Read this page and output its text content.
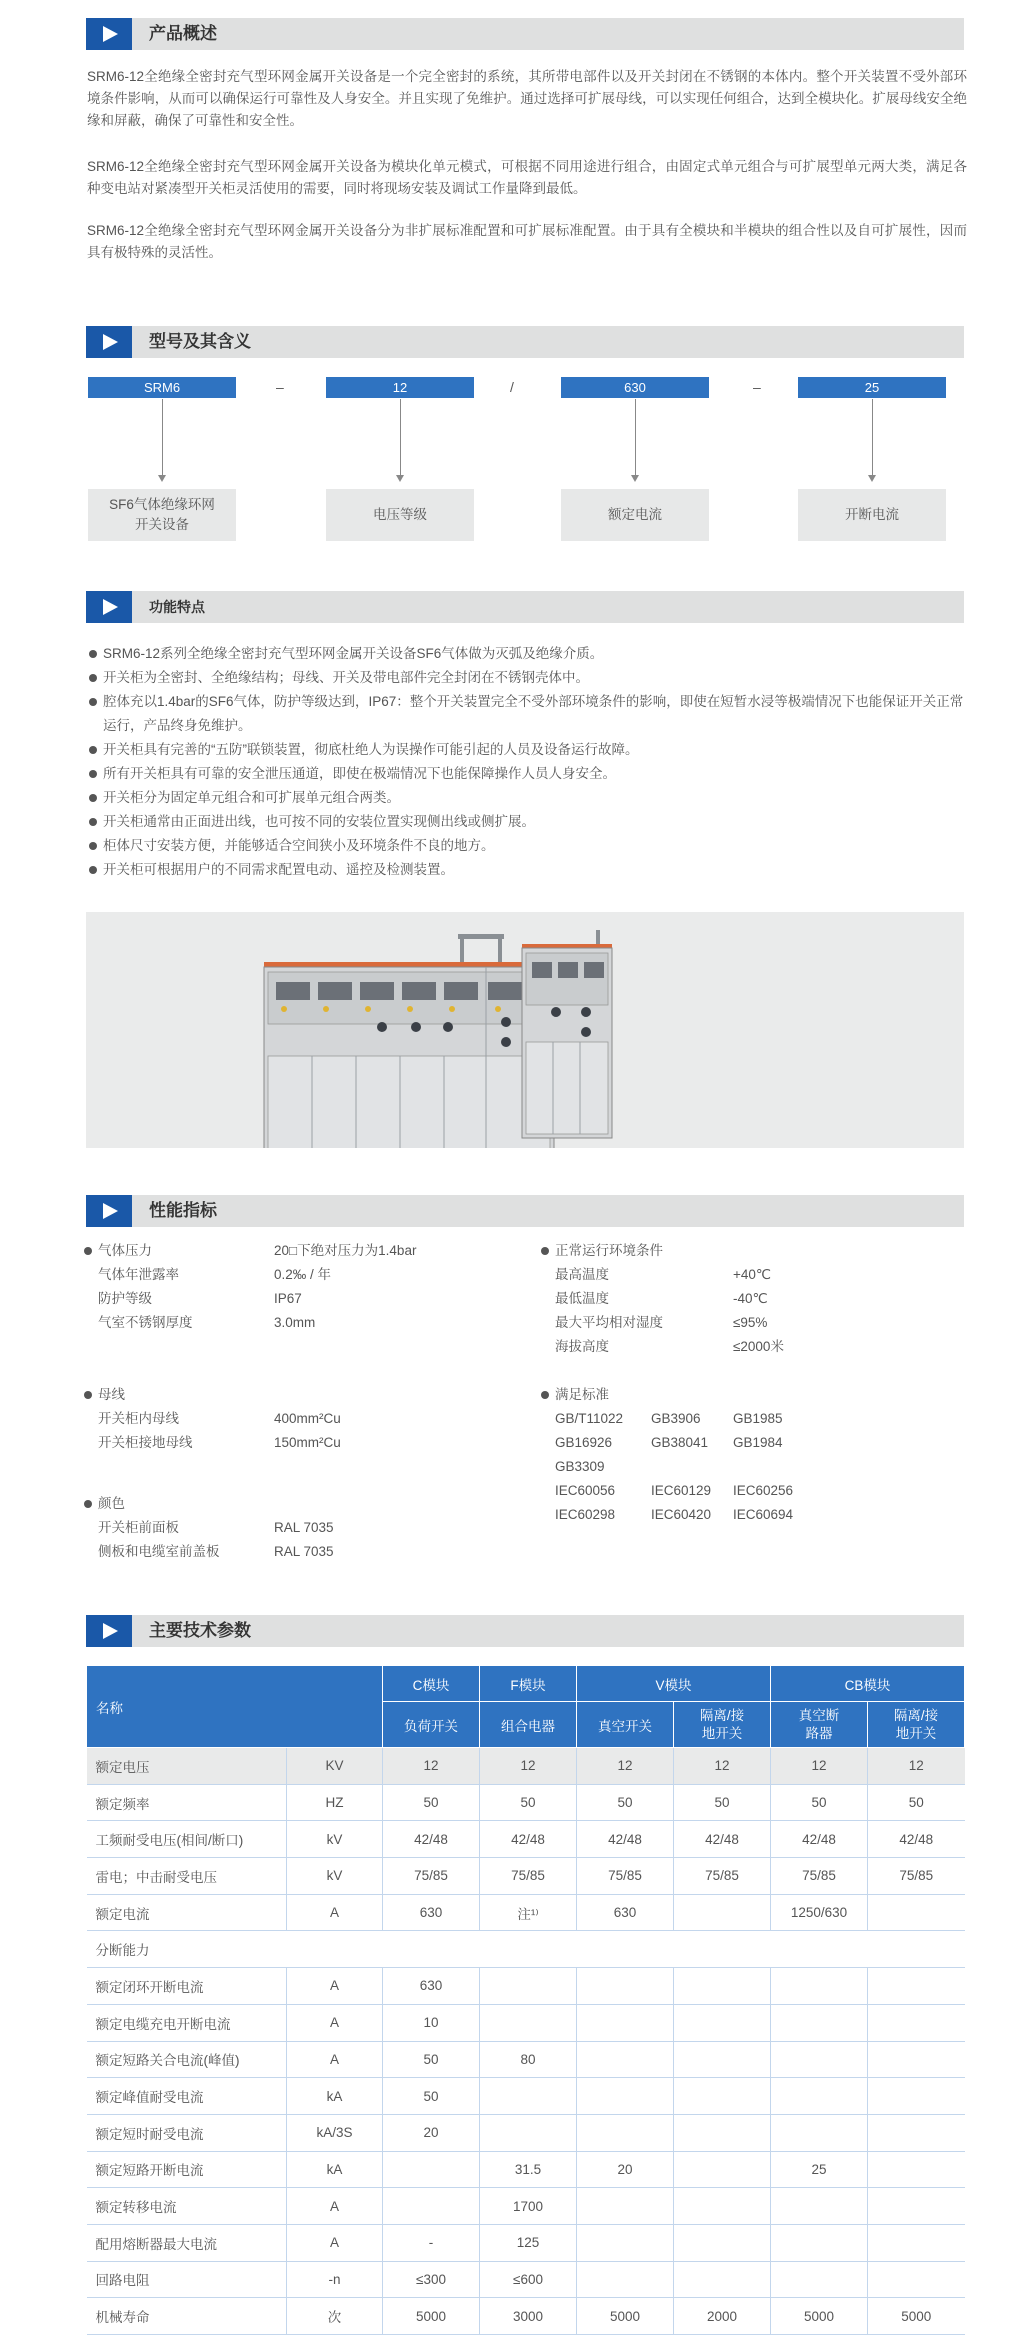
产品概述

SRM6-12全绝缘全密封充气型环网金属开关设备是一个完全密封的系统，其所带电部件以及开关封闭在不锈钢的本体内。整个开关装置不受外部环境条件影响，从而可以确保运行可靠性及人身安全。并且实现了免维护。通过选择可扩展母线，可以实现任何组合，达到全模块化。扩展母线安全绝缘和屏蔽，确保了可靠性和安全性。

SRM6-12全绝缘全密封充气型环网金属开关设备为模块化单元模式，可根据不同用途进行组合，由固定式单元组合与可扩展型单元两大类，满足各种变电站对紧凑型开关柜灵活使用的需要，同时将现场安装及调试工作量降到最低。

SRM6-12全绝缘全密封充气型环网金属开关设备分为非扩展标准配置和可扩展标准配置。由于具有全模块和半模块的组合性以及自可扩展性，因而具有极特殊的灵活性。

型号及其含义
SRM6	–	12	/	630	–	25
SF6气体绝缘环网开关设备
电压等级	额定电流	开断电流
功能特点
SRM6-12系列全绝缘全密封充气型环网金属开关设备SF6气体做为灭弧及绝缘介质。
开关柜为全密封、全绝缘结构；母线、开关及带电部件完全封闭在不锈钢壳体中。
腔体充以1.4bar的SF6气体，防护等级达到，IP67：整个开关装置完全不受外部环境条件的影响，即使在短暂水浸等极端情况下也能保证开关正常运行，产品终身免维护。
开关柜具有完善的“五防”联锁装置，彻底杜绝人为误操作可能引起的人员及设备运行故障。
所有开关柜具有可靠的安全泄压通道，即使在极端情况下也能保障操作人员人身安全。
开关柜分为固定单元组合和可扩展单元组合两类。
开关柜通常由正面进出线，也可按不同的安装位置实现侧出线或侧扩展。
柜体尺寸安装方便，并能够适合空间狭小及环境条件不良的地方。
开关柜可根据用户的不同需求配置电动、遥控及检测装置。
性能指标
气体压力	20□下绝对压力为1.4bar
气体年泄露率	0.2‰ / 年
防护等级	IP67
气室不锈钢厚度	3.0mm
正常运行环境条件
最高温度	+40℃
最低温度	-40℃
最大平均相对湿度	≤95%
海拔高度	≤2000米
母线
开关柜内母线	400mm²Cu
开关柜接地母线	150mm²Cu
满足标准
GB/T11022	GB3906	GB1985
GB16926	GB38041	GB1984
GB3309
IEC60056	IEC60129	IEC60256
IEC60298	IEC60420	IEC60694
颜色
开关柜前面板	RAL 7035
侧板和电缆室前盖板	RAL 7035
主要技术参数
名称		C模块	F模块	V模块		CB模块	
		负荷开关	组合电器	真空开关	隔离/接地开关	真空断路器	隔离/接地开关
额定电压	KV	12	12	12	12	12	12
额定频率	HZ	50	50	50	50	50	50
工频耐受电压(相间/断口)	kV	42/48	42/48	42/48	42/48	42/48	42/48
雷电；中击耐受电压	kV	75/85	75/85	75/85	75/85	75/85	75/85
额定电流	A	630	注¹⁾	630		1250/630	
分断能力							
额定闭环开断电流	A	630					
额定电缆充电开断电流	A	10					
额定短路关合电流(峰值)	A	50	80				
额定峰值耐受电流	kA	50					
额定短时耐受电流	kA/3S	20					
额定短路开断电流	kA		31.5	20		25	
额定转移电流	A		1700				
配用熔断器最大电流	A	-	125				
回路电阻	-n	≤300	≤600				
机械寿命	次	5000	3000	5000	2000	5000	5000
